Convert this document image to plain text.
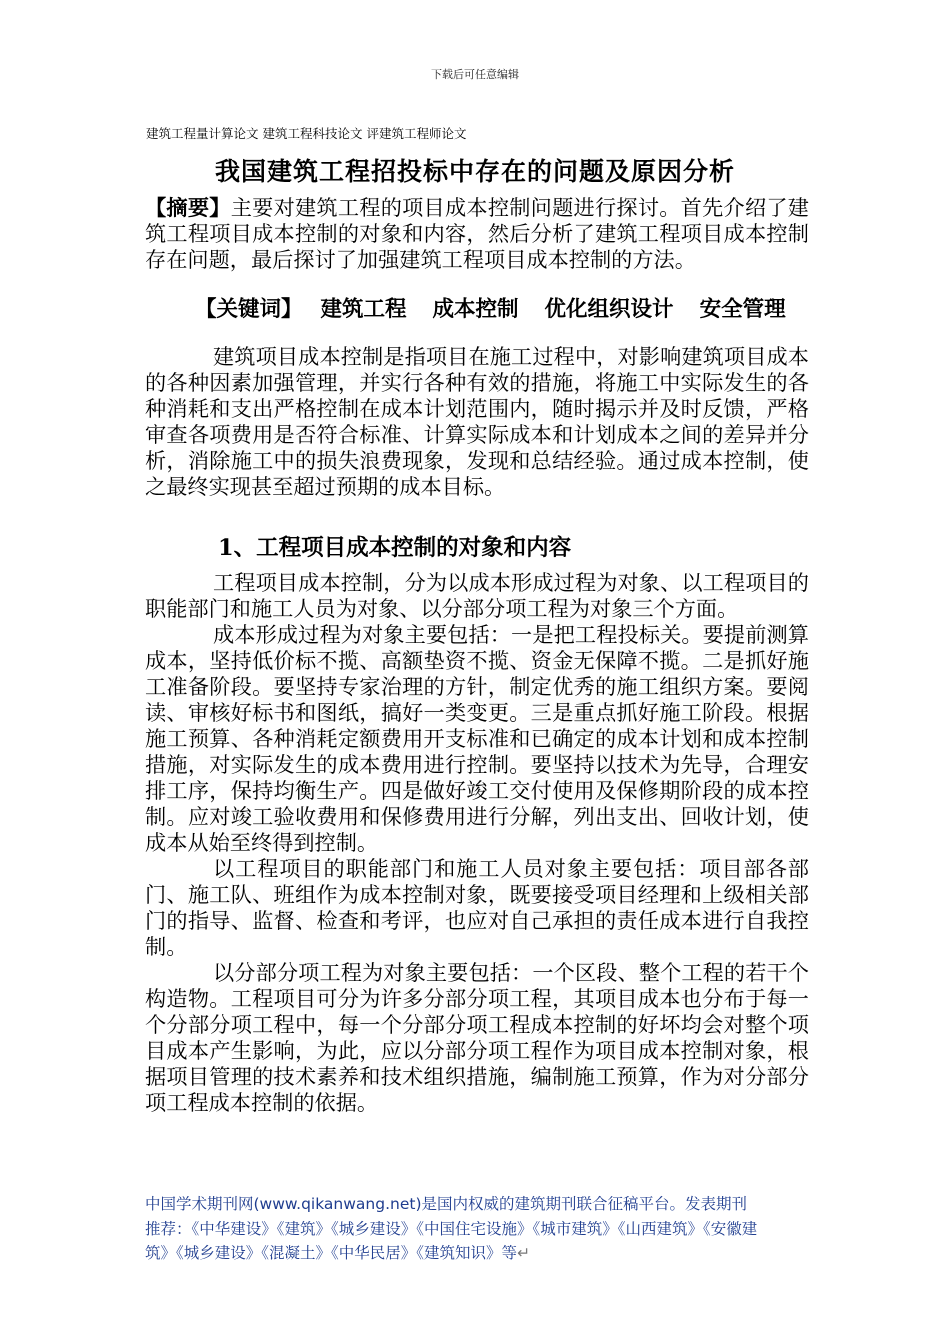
下载后可任意编辑
建筑工程量计算论文 建筑工程科技论文 评建筑工程师论文
我国建筑工程招投标中存在的问题及原因分析

【摘要】主要对建筑工程的项目成本控制问题进行探讨。首先介绍了建筑工程项目成本控制的对象和内容，然后分析了建筑工程项目成本控制存在问题，最后探讨了加强建筑工程项目成本控制的方法。

【关键词】 建筑工程 成本控制 优化组织设计 安全管理

建筑项目成本控制是指项目在施工过程中，对影响建筑项目成本的各种因素加强管理，并实行各种有效的措施，将施工中实际发生的各种消耗和支出严格控制在成本计划范围内，随时揭示并及时反馈，严格审查各项费用是否符合标准、计算实际成本和计划成本之间的差异并分析，消除施工中的损失浪费现象，发现和总结经验。通过成本控制，使之最终实现甚至超过预期的成本目标。

1、工程项目成本控制的对象和内容

工程项目成本控制，分为以成本形成过程为对象、以工程项目的职能部门和施工人员为对象、以分部分项工程为对象三个方面。

成本形成过程为对象主要包括：一是把工程投标关。要提前测算成本，坚持低价标不揽、高额垫资不揽、资金无保障不揽。二是抓好施工准备阶段。要坚持专家治理的方针，制定优秀的施工组织方案。要阅读、审核好标书和图纸，搞好一类变更。三是重点抓好施工阶段。根据施工预算、各种消耗定额费用开支标准和已确定的成本计划和成本控制措施，对实际发生的成本费用进行控制。要坚持以技术为先导，合理安排工序，保持均衡生产。四是做好竣工交付使用及保修期阶段的成本控制。应对竣工验收费用和保修费用进行分解，列出支出、回收计划，使成本从始至终得到控制。

以工程项目的职能部门和施工人员对象主要包括：项目部各部门、施工队、班组作为成本控制对象，既要接受项目经理和上级相关部门的指导、监督、检查和考评，也应对自己承担的责任成本进行自我控制。

以分部分项工程为对象主要包括：一个区段、整个工程的若干个构造物。工程项目可分为许多分部分项工程，其项目成本也分布于每一个分部分项工程中，每一个分部分项工程成本控制的好坏均会对整个项目成本产生影响，为此，应以分部分项工程作为项目成本控制对象，根据项目管理的技术素养和技术组织措施，编制施工预算，作为对分部分项工程成本控制的依据。

中国学术期刊网(www.qikanwang.net)是国内权威的建筑期刊联合征稿平台。发表期刊

推荐：《中华建设》《建筑》《城乡建设》《中国住宅设施》《城市建筑》《山西建筑》《安徽建

筑》《城乡建设》《混凝土》《中华民居》《建筑知识》等↵
